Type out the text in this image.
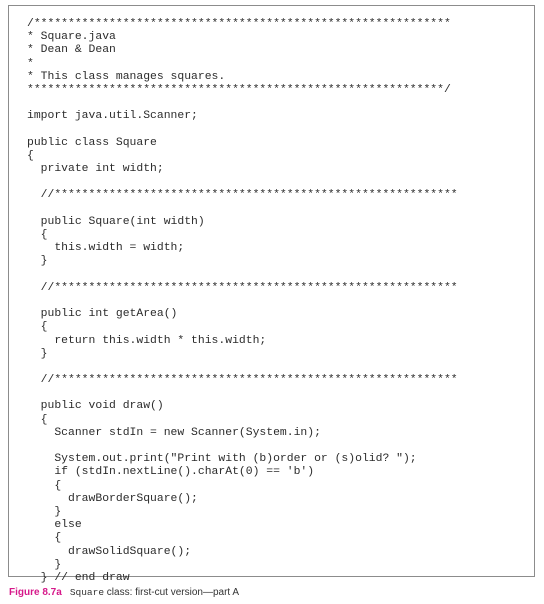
/*************************************************************
* Square.java
* Dean & Dean
*
* This class manages squares.
*************************************************************/
import java.util.Scanner;
public class Square
{
private int width;
//***********************************************************
public Square(int width)
{
this.width = width;
}
//***********************************************************
public int getArea()
{
return this.width * this.width;
}
//***********************************************************
public void draw()
{
Scanner stdIn = new Scanner(System.in);
System.out.print("Print with (b)order or (s)olid? ");
if (stdIn.nextLine().charAt(0) == 'b')
{
drawBorderSquare();
}
else
{
drawSolidSquare();
}
} // end draw
Figure 8.7a Square class: first-cut version—part A
